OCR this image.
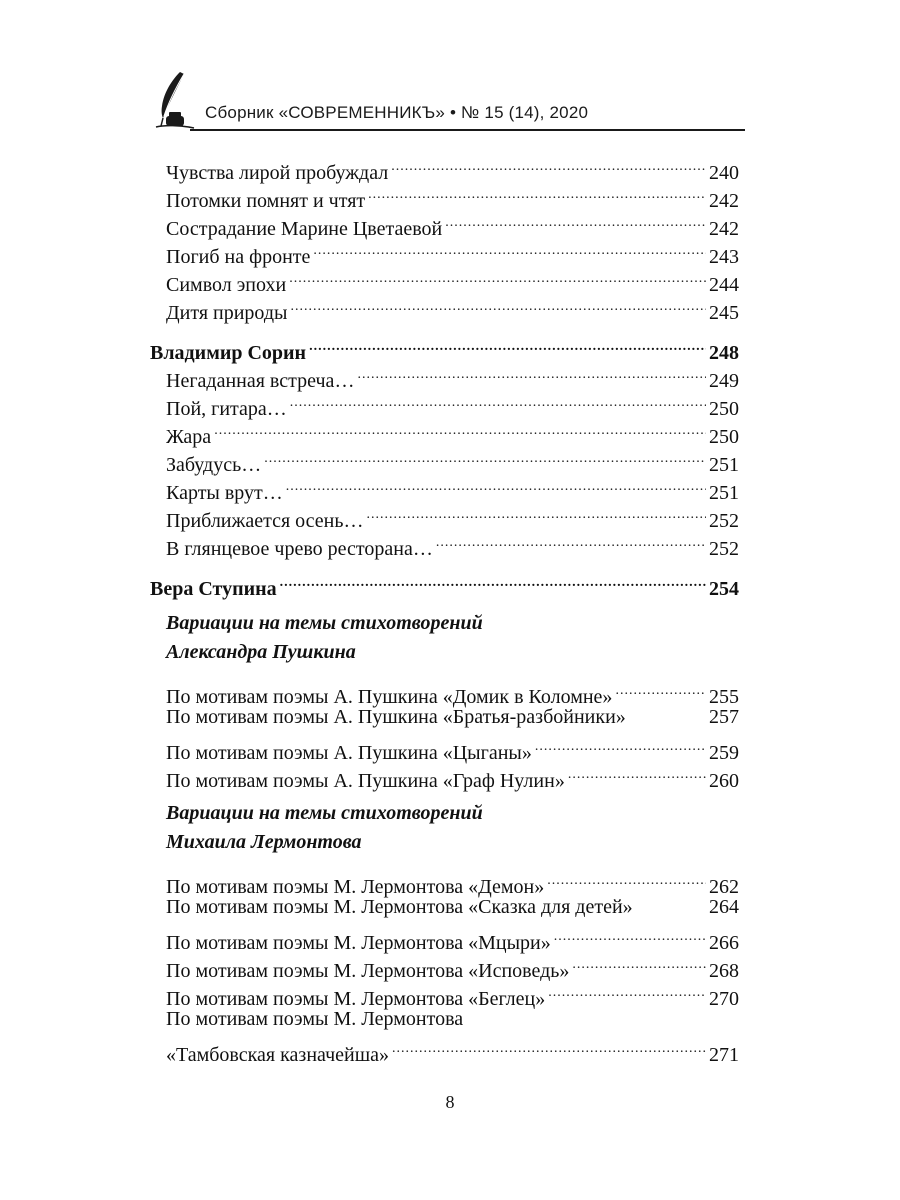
Сборник «СОВРЕМЕННИКЪ» • № 15 (14), 2020
Чувства лирой пробуждал .....	240
Потомки помнят и чтят .....	242
Сострадание Марине Цветаевой .....	242
Погиб на фронте .....	243
Символ эпохи .....	244
Дитя природы .....	245
Владимир Сорин .....	248
Негаданная встреча… .....	249
Пой, гитара… .....	250
Жара .....	250
Забудусь… .....	251
Карты врут… .....	251
Приближается осень… .....	252
В глянцевое чрево ресторана… .....	252
Вера Ступина .....	254
Вариации на темы стихотворений
Александра Пушкина
По мотивам поэмы А. Пушкина «Домик в Коломне» .....	255
По мотивам поэмы А. Пушкина «Братья-разбойники»	257
По мотивам поэмы А. Пушкина «Цыганы» .....	259
По мотивам поэмы А. Пушкина «Граф Нулин» .....	260
Вариации на темы стихотворений
Михаила Лермонтова
По мотивам поэмы М. Лермонтова «Демон» .....	262
По мотивам поэмы М. Лермонтова «Сказка для детей»	264
По мотивам поэмы М. Лермонтова «Мцыри» .....	266
По мотивам поэмы М. Лермонтова «Исповедь» .....	268
По мотивам поэмы М. Лермонтова «Беглец» .....	270
По мотивам поэмы М. Лермонтова
«Тамбовская казначейша» .....	271
8
